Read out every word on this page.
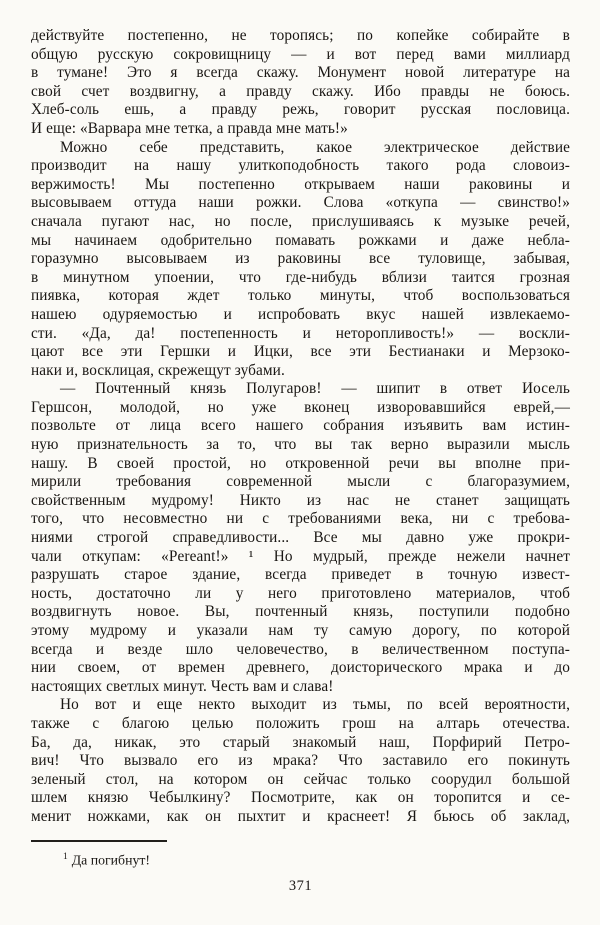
действуйте постепенно, не торопясь; по копейке собирайте в
общую русскую сокровищницу — и вот перед вами миллиард
в тумане! Это я всегда скажу. Монумент новой литературе на
свой счет воздвигну, а правду скажу. Ибо правды не боюсь.
Хлеб-соль ешь, а правду режь, говорит русская пословица.
И еще: «Варвара мне тетка, а правда мне мать!»
Можно себе представить, какое электрическое действие
производит на нашу улиткоподобность такого рода словоиз-
вержимость! Мы постепенно открываем наши раковины и
высовываем оттуда наши рожки. Слова «откупа — свинство!»
сначала пугают нас, но после, прислушиваясь к музыке речей,
мы начинаем одобрительно помавать рожками и даже небла-
горазумно высовываем из раковины все туловище, забывая,
в минутном упоении, что где-нибудь вблизи таится грозная
пиявка, которая ждет только минуты, чтоб воспользоваться
нашею одуряемостью и испробовать вкус нашей извлекаемо-
сти. «Да, да! постепенность и неторопливость!» — воскли-
цают все эти Гершки и Ицки, все эти Бестианаки и Мерзоко-
наки и, восклицая, скрежещут зубами.
— Почтенный князь Полугаров! — шипит в ответ Иосель
Гершсон, молодой, но уже вконец изворовавшийся еврей,—
позвольте от лица всего нашего собрания изъявить вам истин-
ную признательность за то, что вы так верно выразили мысль
нашу. В своей простой, но откровенной речи вы вполне при-
мирили требования современной мысли с благоразумием,
свойственным мудрому! Никто из нас не станет защищать
того, что несовместно ни с требованиями века, ни с требова-
ниями строгой справедливости... Все мы давно уже прокри-
чали откупам: «Pereant!» ¹ Но мудрый, прежде нежели начнет
разрушать старое здание, всегда приведет в точную извест-
ность, достаточно ли у него приготовлено материалов, чтоб
воздвигнуть новое. Вы, почтенный князь, поступили подобно
этому мудрому и указали нам ту самую дорогу, по которой
всегда и везде шло человечество, в величественном поступа-
нии своем, от времен древнего, доисторического мрака и до
настоящих светлых минут. Честь вам и слава!
Но вот и еще некто выходит из тьмы, по всей вероятности,
также с благою целью положить грош на алтарь отечества.
Ба, да, никак, это старый знакомый наш, Порфирий Петро-
вич! Что вызвало его из мрака? Что заставило его покинуть
зеленый стол, на котором он сейчас только соорудил большой
шлем князю Чебылкину? Посмотрите, как он торопится и се-
менит ножками, как он пыхтит и краснеет! Я бьюсь об заклад,
$^1$ Да погибнут!
371
